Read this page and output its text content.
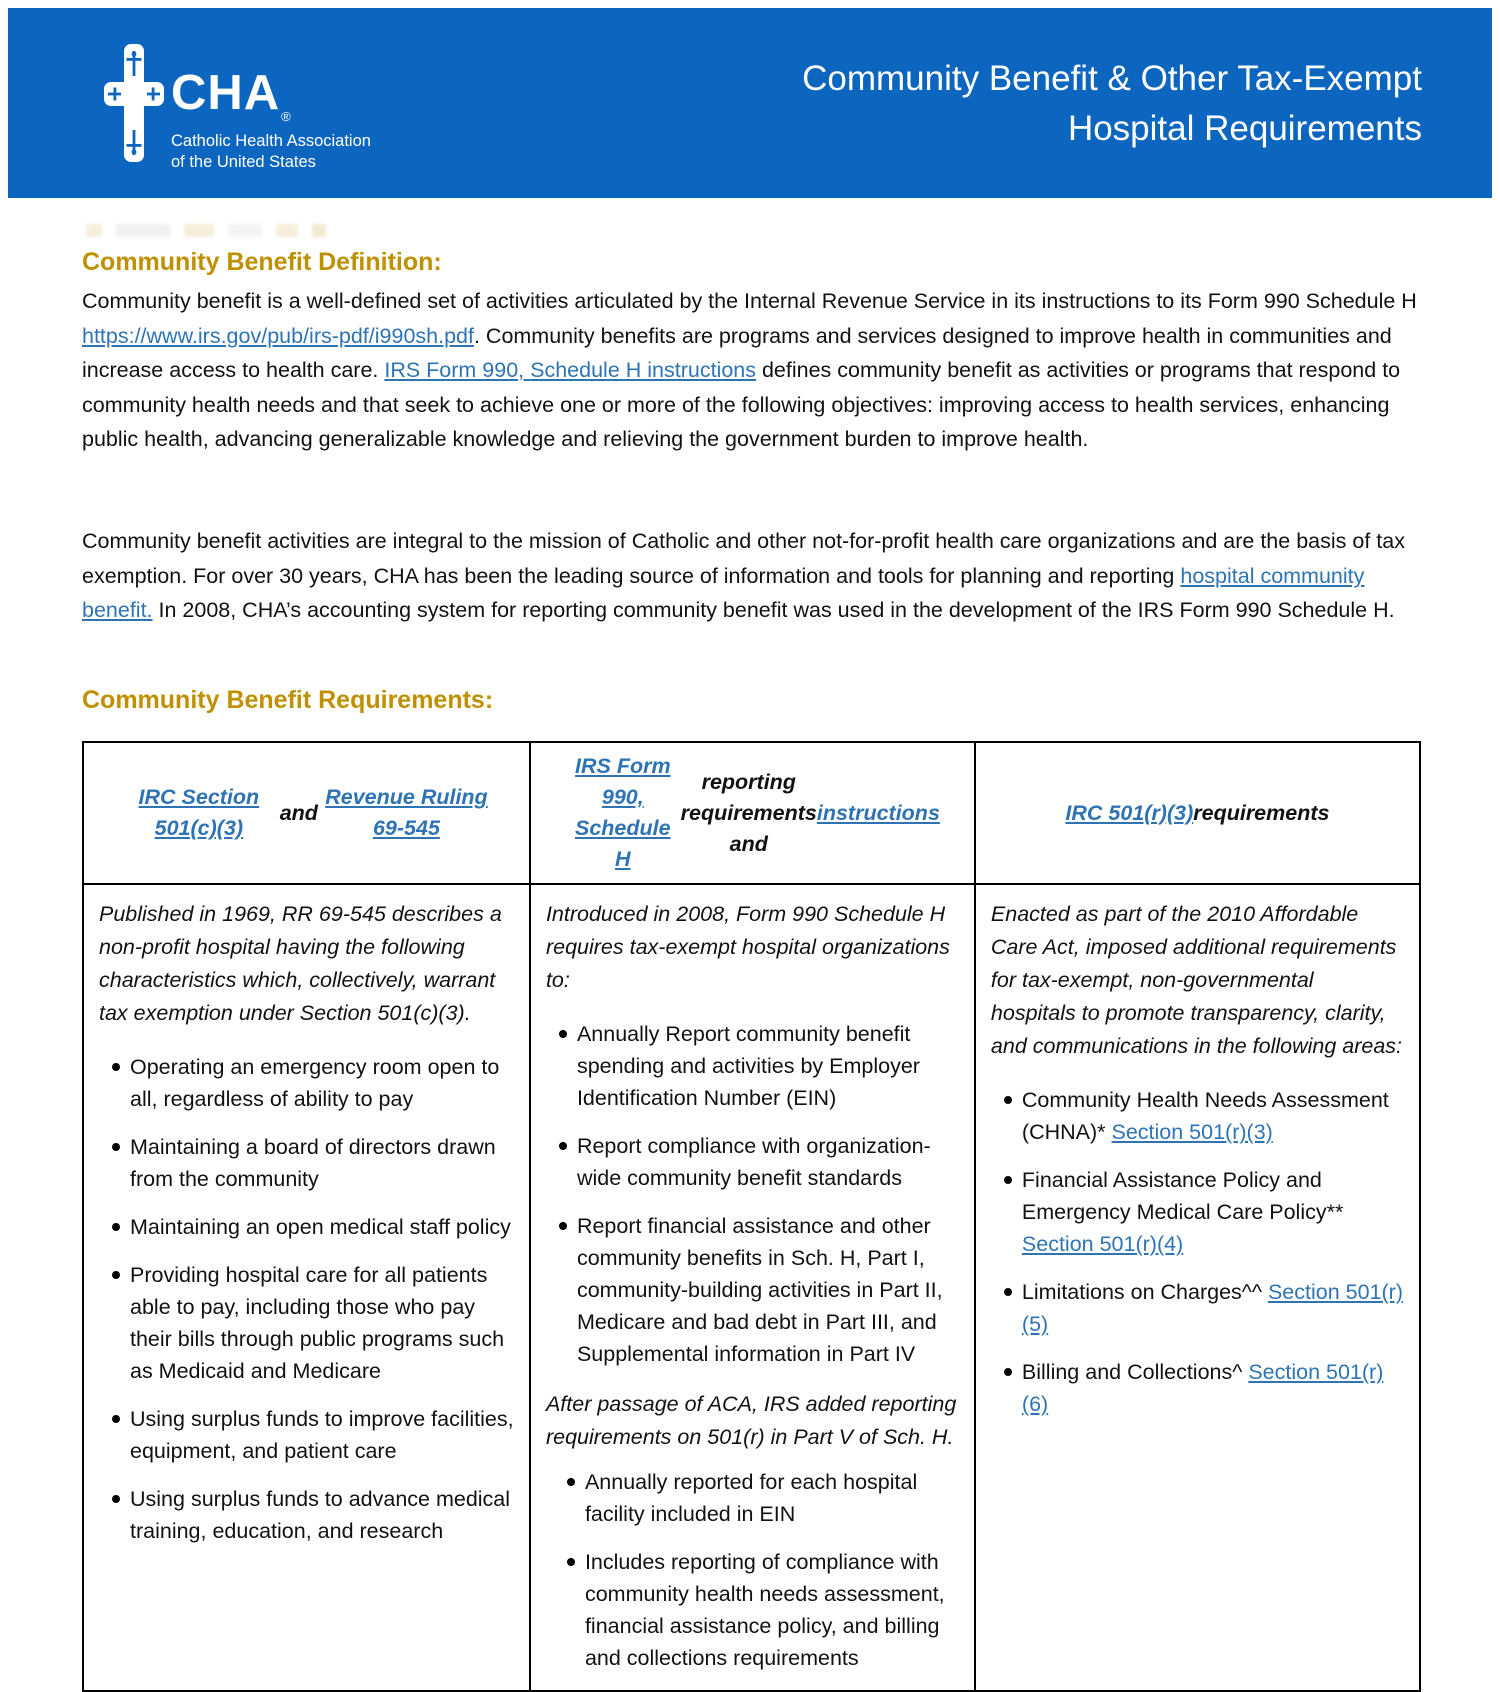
CHA®
Catholic Health Association
of the United States
Community Benefit & Other Tax-Exempt
Hospital Requirements
Community Benefit Definition:

Community benefit is a well-defined set of activities articulated by the Internal Revenue Service in its instructions to its Form 990 Schedule H https://www.irs.gov/pub/irs-pdf/i990sh.pdf. Community benefits are programs and services designed to improve health in communities and increase access to health care. IRS Form 990, Schedule H instructions defines community benefit as activities or programs that respond to community health needs and that seek to achieve one or more of the following objectives: improving access to health services, enhancing public health, advancing generalizable knowledge and relieving the government burden to improve health.

Community benefit activities are integral to the mission of Catholic and other not-for-profit health care organizations and are the basis of tax exemption. For over 30 years, CHA has been the leading source of information and tools for planning and reporting hospital community benefit. In 2008, CHA’s accounting system for reporting community benefit was used in the development of the IRS Form 990 Schedule H.

Community Benefit Requirements:
IRC Section 501(c)(3)
and
Revenue Ruling 69-545
IRS Form 990, Schedule H
reporting requirements and
instructions	IRC 501(r)(3) requirements

Published in 1969, RR 69-545 describes a non-profit hospital having the following characteristics which, collectively, warrant tax exemption under Section 501(c)(3).

Operating an emergency room open to all, regardless of ability to pay
Maintaining a board of directors drawn from the community
Maintaining an open medical staff policy
Providing hospital care for all patients able to pay, including those who pay their bills through public programs such as Medicaid and Medicare
Using surplus funds to improve facilities, equipment, and patient care
Using surplus funds to advance medical training, education, and research

Introduced in 2008, Form 990 Schedule H requires tax-exempt hospital organizations to:

Annually Report community benefit spending and activities by Employer Identification Number (EIN)
Report compliance with organization-wide community benefit standards
Report financial assistance and other community benefits in Sch. H, Part I, community-building activities in Part II, Medicare and bad debt in Part III, and Supplemental information in Part IV

After passage of ACA, IRS added reporting requirements on 501(r) in Part V of Sch. H.

Annually reported for each hospital facility included in EIN
Includes reporting of compliance with community health needs assessment, financial assistance policy, and billing and collections requirements

Enacted as part of the 2010 Affordable Care Act, imposed additional requirements for tax-exempt, non-governmental hospitals to promote transparency, clarity, and communications in the following areas:

Community Health Needs Assessment (CHNA)* Section 501(r)(3)
Financial Assistance Policy and Emergency Medical Care Policy** Section 501(r)(4)
Limitations on Charges^^ Section 501(r)(5)
Billing and Collections^ Section 501(r)(6)
